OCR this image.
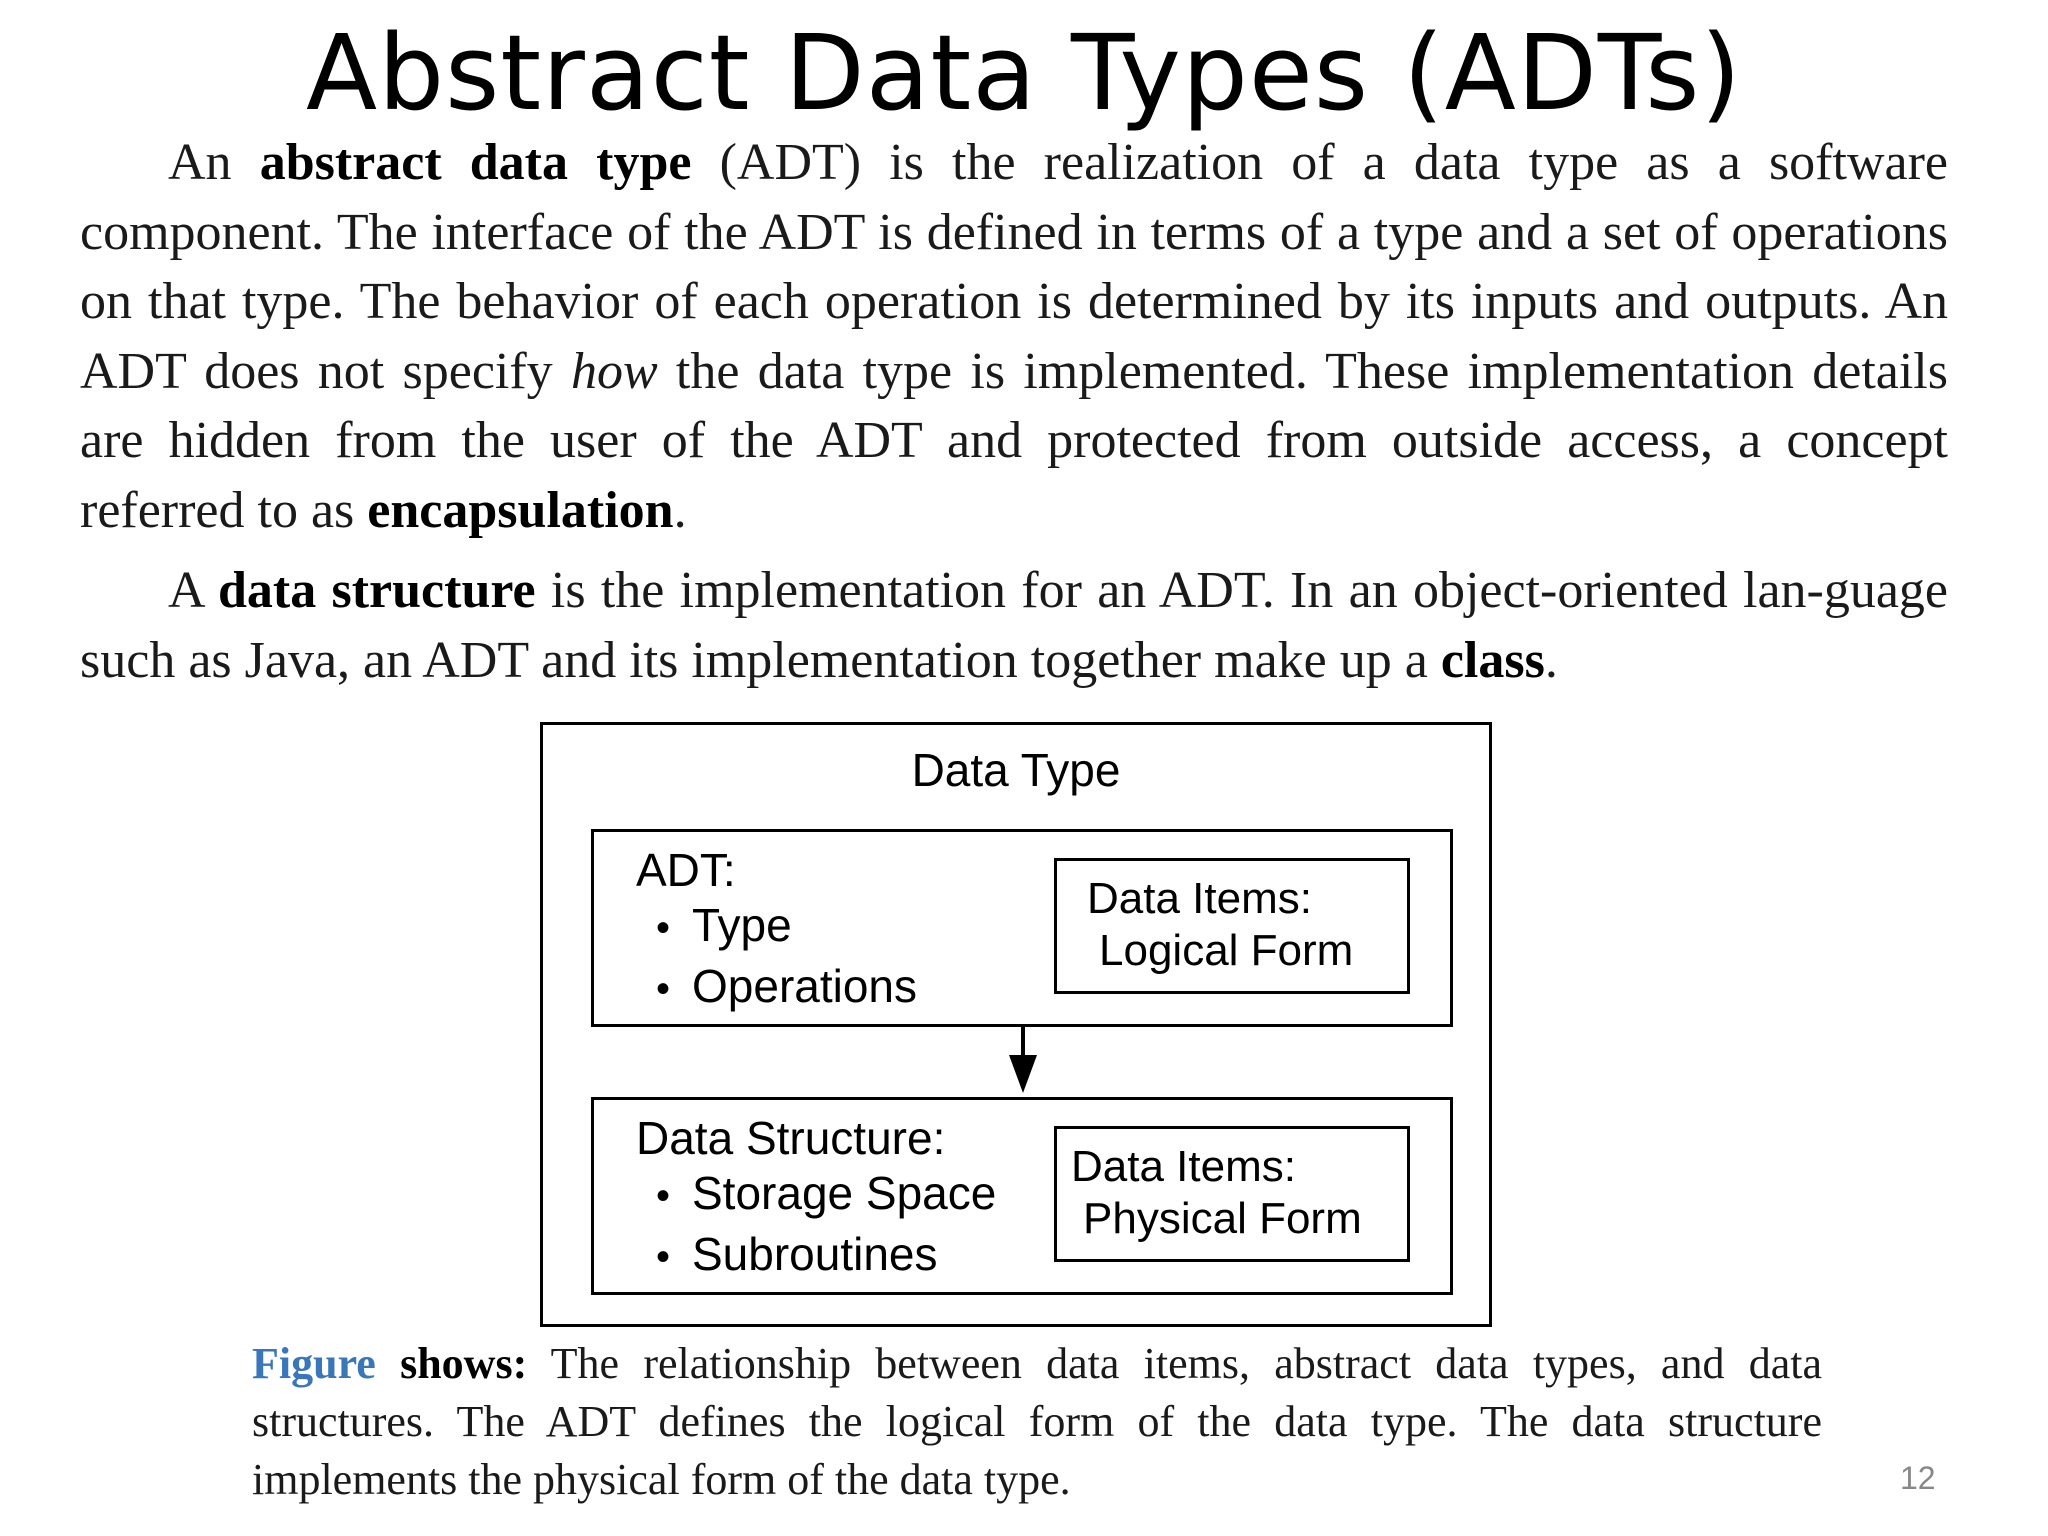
Abstract Data Types (ADTs)
An abstract data type (ADT) is the realization of a data type as a software component. The interface of the ADT is defined in terms of a type and a set of operations on that type. The behavior of each operation is determined by its inputs and outputs. An ADT does not specify how the data type is implemented. These implementation details are hidden from the user of the ADT and protected from outside access, a concept referred to as encapsulation.
A data structure is the implementation for an ADT. In an object-oriented lan-guage such as Java, an ADT and its implementation together make up a class.
Data Type
ADT:
• Type
• Operations
Data Items:
Logical Form
Data Structure:
• Storage Space
• Subroutines
Data Items:
Physical Form
Figure shows: The relationship between data items, abstract data types, and data structures. The ADT defines the logical form of the data type. The data structure implements the physical form of the data type.	12
